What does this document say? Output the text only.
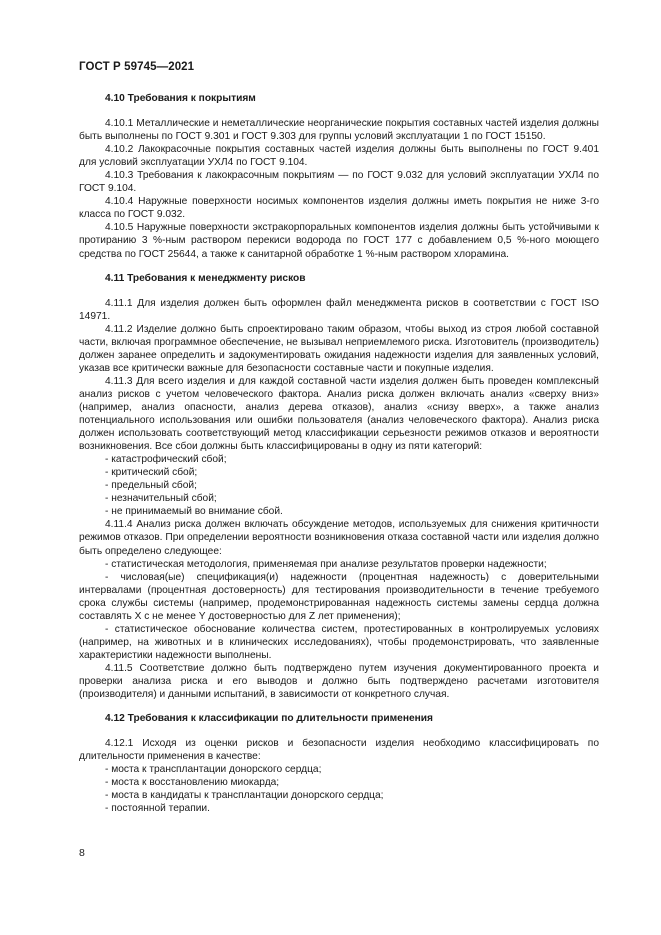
ГОСТ Р 59745—2021
4.10 Требования к покрытиям

4.10.1 Металлические и неметаллические неорганические покрытия составных частей изделия должны быть выполнены по ГОСТ 9.301 и ГОСТ 9.303 для группы условий эксплуатации 1 по ГОСТ 15150.

4.10.2 Лакокрасочные покрытия составных частей изделия должны быть выполнены по ГОСТ 9.401 для условий эксплуатации УХЛ4 по ГОСТ 9.104.

4.10.3 Требования к лакокрасочным покрытиям — по ГОСТ 9.032 для условий эксплуатации УХЛ4 по ГОСТ 9.104.

4.10.4 Наружные поверхности носимых компонентов изделия должны иметь покрытия не ниже 3-го класса по ГОСТ 9.032.

4.10.5 Наружные поверхности экстракорпоральных компонентов изделия должны быть устойчивыми к протиранию 3 %-ным раствором перекиси водорода по ГОСТ 177 с добавлением 0,5 %-ного моющего средства по ГОСТ 25644, а также к санитарной обработке 1 %-ным раствором хлорамина.

4.11 Требования к менеджменту рисков

4.11.1 Для изделия должен быть оформлен файл менеджмента рисков в соответствии с ГОСТ ISO 14971.

4.11.2 Изделие должно быть спроектировано таким образом, чтобы выход из строя любой составной части, включая программное обеспечение, не вызывал неприемлемого риска. Изготовитель (производитель) должен заранее определить и задокументировать ожидания надежности изделия для заявленных условий, указав все критически важные для безопасности составные части и покупные изделия.

4.11.3 Для всего изделия и для каждой составной части изделия должен быть проведен комплексный анализ рисков с учетом человеческого фактора. Анализ риска должен включать анализ «сверху вниз» (например, анализ опасности, анализ дерева отказов), анализ «снизу вверх», а также анализ потенциального использования или ошибки пользователя (анализ человеческого фактора). Анализ риска должен использовать соответствующий метод классификации серьезности режимов отказов и вероятности возникновения. Все сбои должны быть классифицированы в одну из пяти категорий:

- катастрофический сбой;

- критический сбой;

- предельный сбой;

- незначительный сбой;

- не принимаемый во внимание сбой.

4.11.4 Анализ риска должен включать обсуждение методов, используемых для снижения критичности режимов отказов. При определении вероятности возникновения отказа составной части или изделия должно быть определено следующее:

- статистическая методология, применяемая при анализе результатов проверки надежности;

- числовая(ые) спецификация(и) надежности (процентная надежность) с доверительными интервалами (процентная достоверность) для тестирования производительности в течение требуемого срока службы системы (например, продемонстрированная надежность системы замены сердца должна составлять X с не менее Y достоверностью для Z лет применения);

- статистическое обоснование количества систем, протестированных в контролируемых условиях (например, на животных и в клинических исследованиях), чтобы продемонстрировать, что заявленные характеристики надежности выполнены.

4.11.5 Соответствие должно быть подтверждено путем изучения документированного проекта и проверки анализа риска и его выводов и должно быть подтверждено расчетами изготовителя (производителя) и данными испытаний, в зависимости от конкретного случая.

4.12 Требования к классификации по длительности применения

4.12.1 Исходя из оценки рисков и безопасности изделия необходимо классифицировать по длительности применения в качестве:

- моста к трансплантации донорского сердца;

- моста к восстановлению миокарда;

- моста в кандидаты к трансплантации донорского сердца;

- постоянной терапии.

8
